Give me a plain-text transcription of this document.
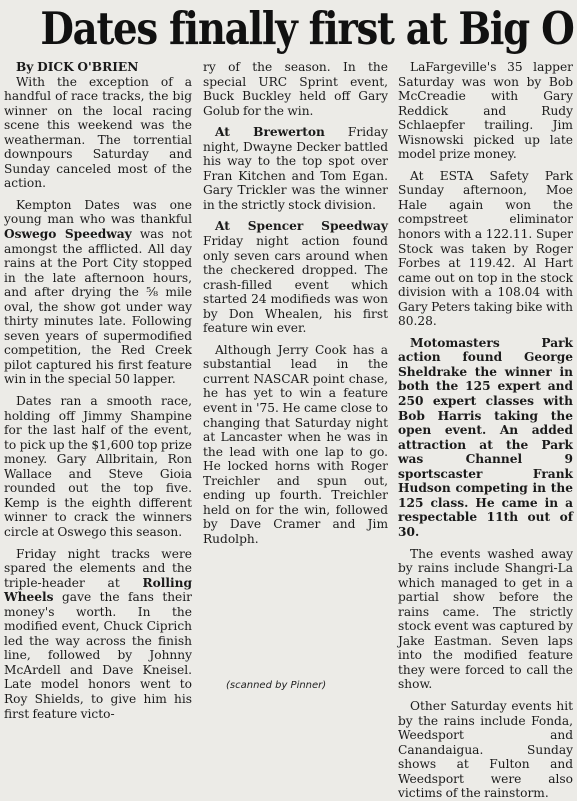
Dates finally first at Big O

By DICK O'BRIEN

With the exception of a handful of race tracks, the big winner on the local racing scene this weekend was the weatherman. The torrential downpours Saturday and Sunday canceled most of the action.

Kempton Dates was one young man who was thankful Oswego Speedway was not amongst the afflicted. All day rains at the Port City stopped in the late afternoon hours, and after drying the ⅝ mile oval, the show got under way thirty minutes late. Following seven years of supermodified competition, the Red Creek pilot captured his first feature win in the special 50 lapper.

Dates ran a smooth race, holding off Jimmy Shampine for the last half of the event, to pick up the $1,600 top prize money. Gary Allbritain, Ron Wallace and Steve Gioia rounded out the top five. Kemp is the eighth different winner to crack the winners circle at Oswego this season.

Friday night tracks were spared the elements and the triple-header at Rolling Wheels gave the fans their money's worth. In the modified event, Chuck Ciprich led the way across the finish line, followed by Johnny McArdell and Dave Kneisel. Late model honors went to Roy Shields, to give him his first feature victo-

ry of the season. In the special URC Sprint event, Buck Buckley held off Gary Golub for the win.

At Brewerton Friday night, Dwayne Decker battled his way to the top spot over Fran Kitchen and Tom Egan. Gary Trickler was the winner in the strictly stock division.

At Spencer Speedway Friday night action found only seven cars around when the checkered dropped. The crash-filled event which started 24 modifieds was won by Don Whealen, his first feature win ever.

Although Jerry Cook has a substantial lead in the current NASCAR point chase, he has yet to win a feature event in '75. He came close to changing that Saturday night at Lancaster when he was in the lead with one lap to go. He locked horns with Roger Treichler and spun out, ending up fourth. Treichler held on for the win, followed by Dave Cramer and Jim Rudolph.

LaFargeville's 35 lapper Saturday was won by Bob McCreadie with Gary Reddick and Rudy Schlaepfer trailing. Jim Wisnowski picked up late model prize money.

At ESTA Safety Park Sunday afternoon, Moe Hale again won the compstreet eliminator honors with a 122.11. Super Stock was taken by Roger Forbes at 119.42. Al Hart came out on top in the stock division with a 108.04 with Gary Peters taking bike with 80.28.

Motomasters Park action found George Sheldrake the winner in both the 125 expert and 250 expert classes with Bob Harris taking the open event. An added attraction at the Park was Channel 9 sportscaster Frank Hudson competing in the 125 class. He came in a respectable 11th out of 30.

The events washed away by rains include Shangri-La which managed to get in a partial show before the rains came. The strictly stock event was captured by Jake Eastman. Seven laps into the modified feature they were forced to call the show.

Other Saturday events hit by the rains include Fonda, Weedsport and Canandaigua. Sunday shows at Fulton and Weedsport were also victims of the rainstorm.

(scanned by Pinner)
